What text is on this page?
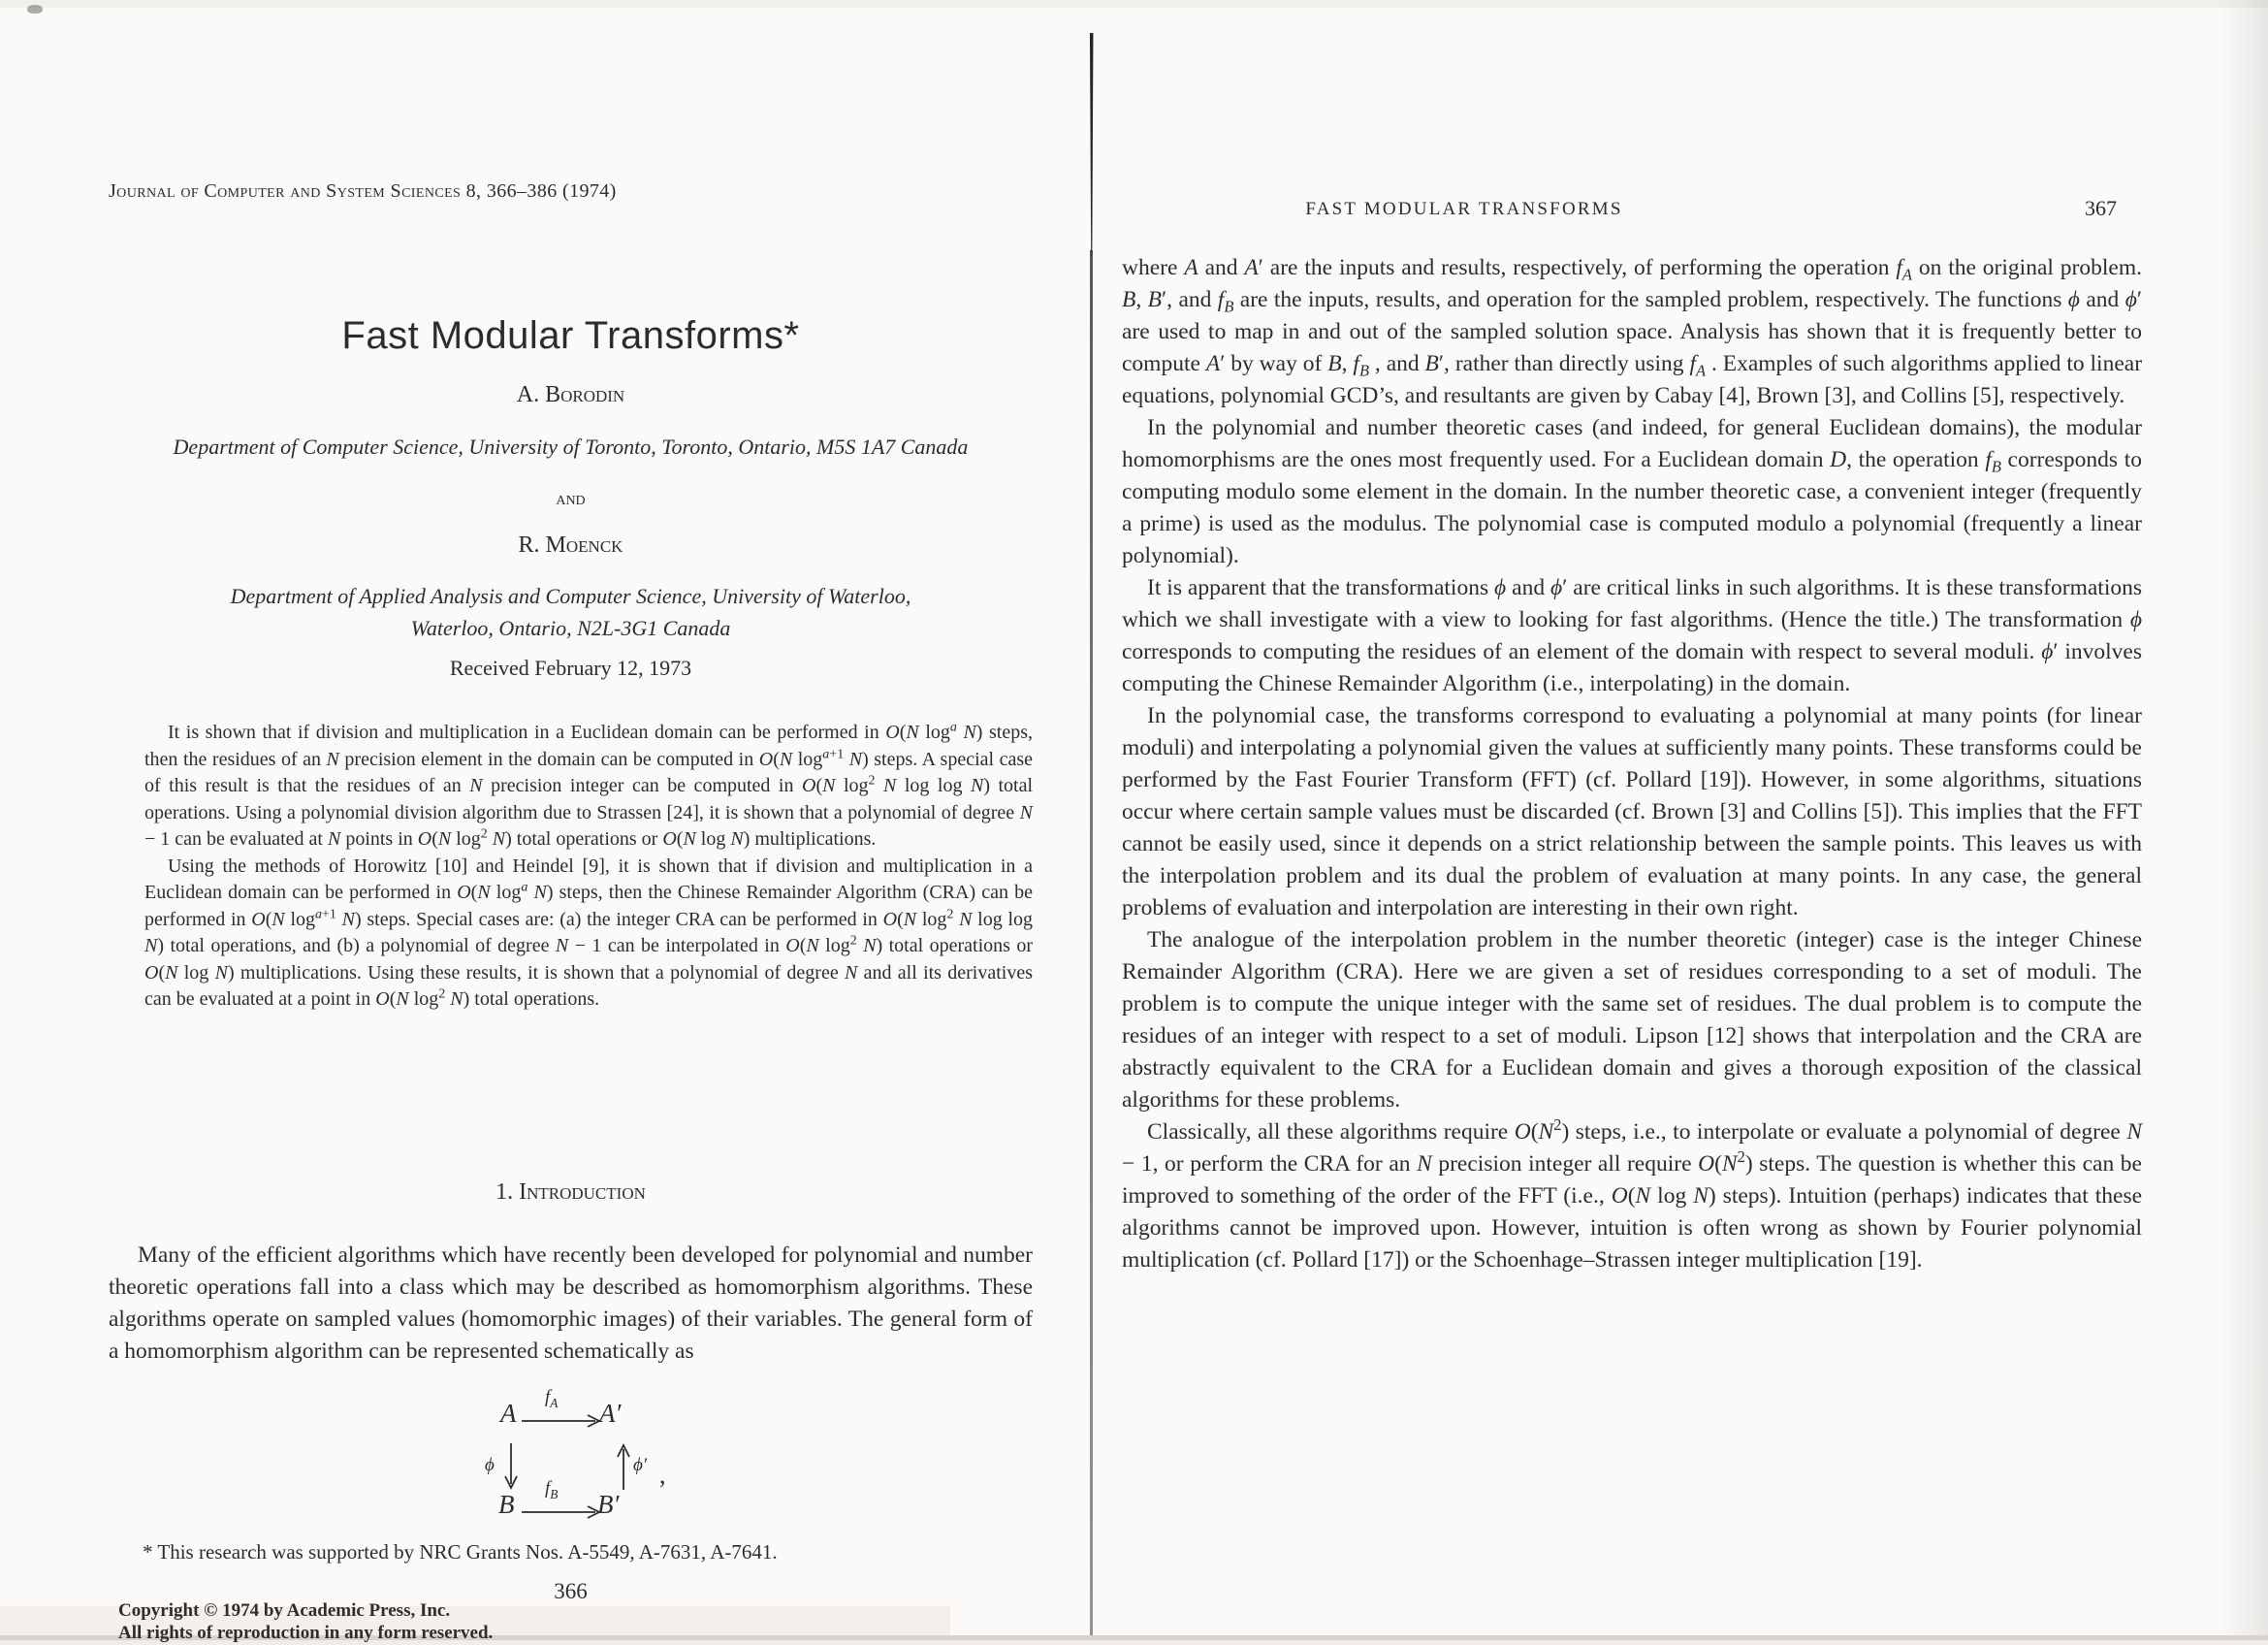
Journal of Computer and System Sciences 8, 366–386 (1974)
Fast Modular Transforms*
A. Borodin
Department of Computer Science, University of Toronto, Toronto, Ontario, M5S 1A7 Canada
and
R. Moenck
Department of Applied Analysis and Computer Science, University of Waterloo,
Waterloo, Ontario, N2L-3G1 Canada
Received February 12, 1973

It is shown that if division and multiplication in a Euclidean domain can be performed in O(N $\log^a N$) steps, then the residues of an N precision element in the domain can be computed in O(N $\log^{a+1} N$) steps. A special case of this result is that the residues of an N precision integer can be computed in O(N $\log^2 N$ log log N) total operations. Using a polynomial division algorithm due to Strassen [24], it is shown that a polynomial of degree N − 1 can be evaluated at N points in O(N $\log^2 N$) total operations or O(N log N) multiplications.

Using the methods of Horowitz [10] and Heindel [9], it is shown that if division and multiplication in a Euclidean domain can be performed in O(N $\log^a N$) steps, then the Chinese Remainder Algorithm (CRA) can be performed in O(N $\log^{a+1} N$) steps. Special cases are: (a) the integer CRA can be performed in O(N $\log^2 N$ log log N) total operations, and (b) a polynomial of degree N − 1 can be interpolated in O(N $\log^2 N$) total operations or O(N log N) multiplications. Using these results, it is shown that a polynomial of degree N and all its derivatives can be evaluated at a point in O(N $\log^2 N$) total operations.

1. Introduction

Many of the efficient algorithms which have recently been developed for polynomial and number theoretic operations fall into a class which may be described as homomorphism algorithms. These algorithms operate on sampled values (homomorphic images) of their variables. The general form of a homomorphism algorithm can be represented schematically as

A
$f_A$ A′
ϕ	ϕ′ ,
B
$f_B$ B′
* This research was supported by NRC Grants Nos. A-5549, A-7631, A-7641.
366
Copyright © 1974 by Academic Press, Inc.
All rights of reproduction in any form reserved.
FAST MODULAR TRANSFORMS	367

where A and A′ are the inputs and results, respectively, of performing the operation $f_A$ on the original problem. B, B′, and $f_B$ are the inputs, results, and operation for the sampled problem, respectively. The functions ϕ and ϕ′ are used to map in and out of the sampled solution space. Analysis has shown that it is frequently better to compute A′ by way of B, $f_B$ , and B′, rather than directly using $f_A$ . Examples of such algorithms applied to linear equations, polynomial GCD’s, and resultants are given by Cabay [4], Brown [3], and Collins [5], respectively.

In the polynomial and number theoretic cases (and indeed, for general Euclidean domains), the modular homomorphisms are the ones most frequently used. For a Euclidean domain D, the operation $f_B$ corresponds to computing modulo some element in the domain. In the number theoretic case, a convenient integer (frequently a prime) is used as the modulus. The polynomial case is computed modulo a polynomial (frequently a linear polynomial).

It is apparent that the transformations ϕ and ϕ′ are critical links in such algorithms. It is these transformations which we shall investigate with a view to looking for fast algorithms. (Hence the title.) The transformation ϕ corresponds to computing the residues of an element of the domain with respect to several moduli. ϕ′ involves computing the Chinese Remainder Algorithm (i.e., interpolating) in the domain.

In the polynomial case, the transforms correspond to evaluating a polynomial at many points (for linear moduli) and interpolating a polynomial given the values at sufficiently many points. These transforms could be performed by the Fast Fourier Transform (FFT) (cf. Pollard [19]). However, in some algorithms, situations occur where certain sample values must be discarded (cf. Brown [3] and Collins [5]). This implies that the FFT cannot be easily used, since it depends on a strict relationship between the sample points. This leaves us with the interpolation problem and its dual the problem of evaluation at many points. In any case, the general problems of evaluation and interpolation are interesting in their own right.

The analogue of the interpolation problem in the number theoretic (integer) case is the integer Chinese Remainder Algorithm (CRA). Here we are given a set of residues corresponding to a set of moduli. The problem is to compute the unique integer with the same set of residues. The dual problem is to compute the residues of an integer with respect to a set of moduli. Lipson [12] shows that interpolation and the CRA are abstractly equivalent to the CRA for a Euclidean domain and gives a thorough exposition of the classical algorithms for these problems.

Classically, all these algorithms require $O(N^2)$ steps, i.e., to interpolate or evaluate a polynomial of degree N − 1, or perform the CRA for an N precision integer all require $O(N^2)$ steps. The question is whether this can be improved to something of the order of the FFT (i.e., O(N log N) steps). Intuition (perhaps) indicates that these algorithms cannot be improved upon. However, intuition is often wrong as shown by Fourier polynomial multiplication (cf. Pollard [17]) or the Schoenhage–Strassen integer multiplication [19].
